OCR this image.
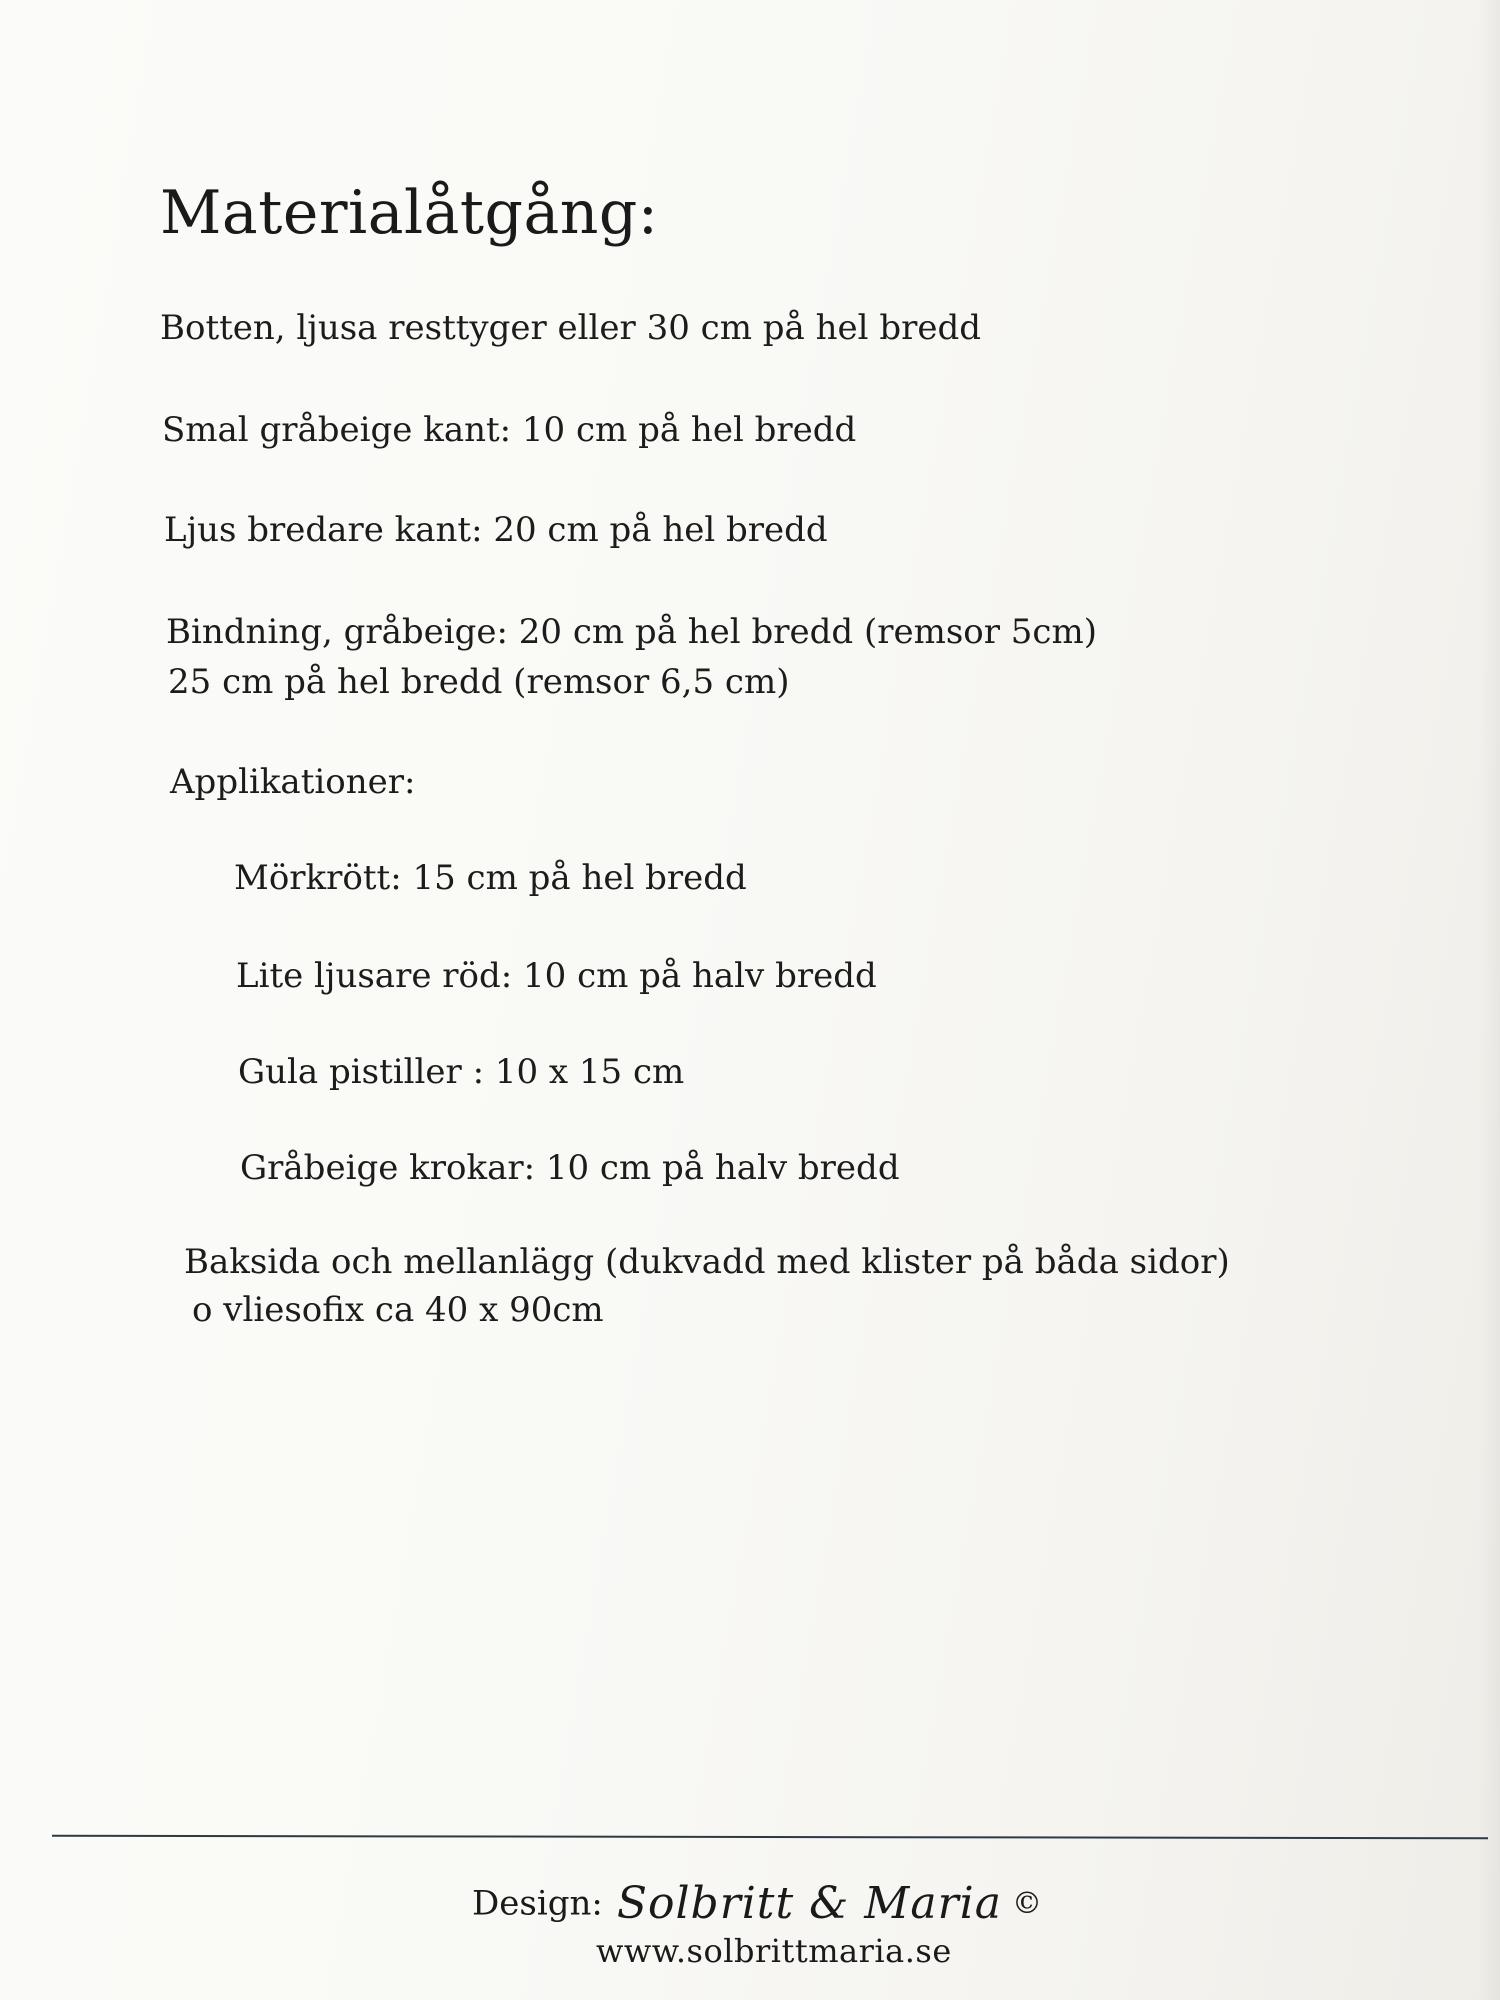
Materialåtgång:
Botten, ljusa resttyger eller 30 cm på hel bredd
Smal gråbeige kant: 10 cm på hel bredd
Ljus bredare kant: 20 cm på hel bredd
Bindning, gråbeige: 20 cm på hel bredd (remsor 5cm)
25 cm på hel bredd (remsor 6,5 cm)
Applikationer:
Mörkrött: 15 cm på hel bredd
Lite ljusare röd: 10 cm på halv bredd
Gula pistiller : 10 x 15 cm
Gråbeige krokar: 10 cm på halv bredd
Baksida och mellanlägg (dukvadd med klister på båda sidor)
o vliesofix ca 40 x 90cm
Design: Solbritt & Maria ©
www.solbrittmaria.se
